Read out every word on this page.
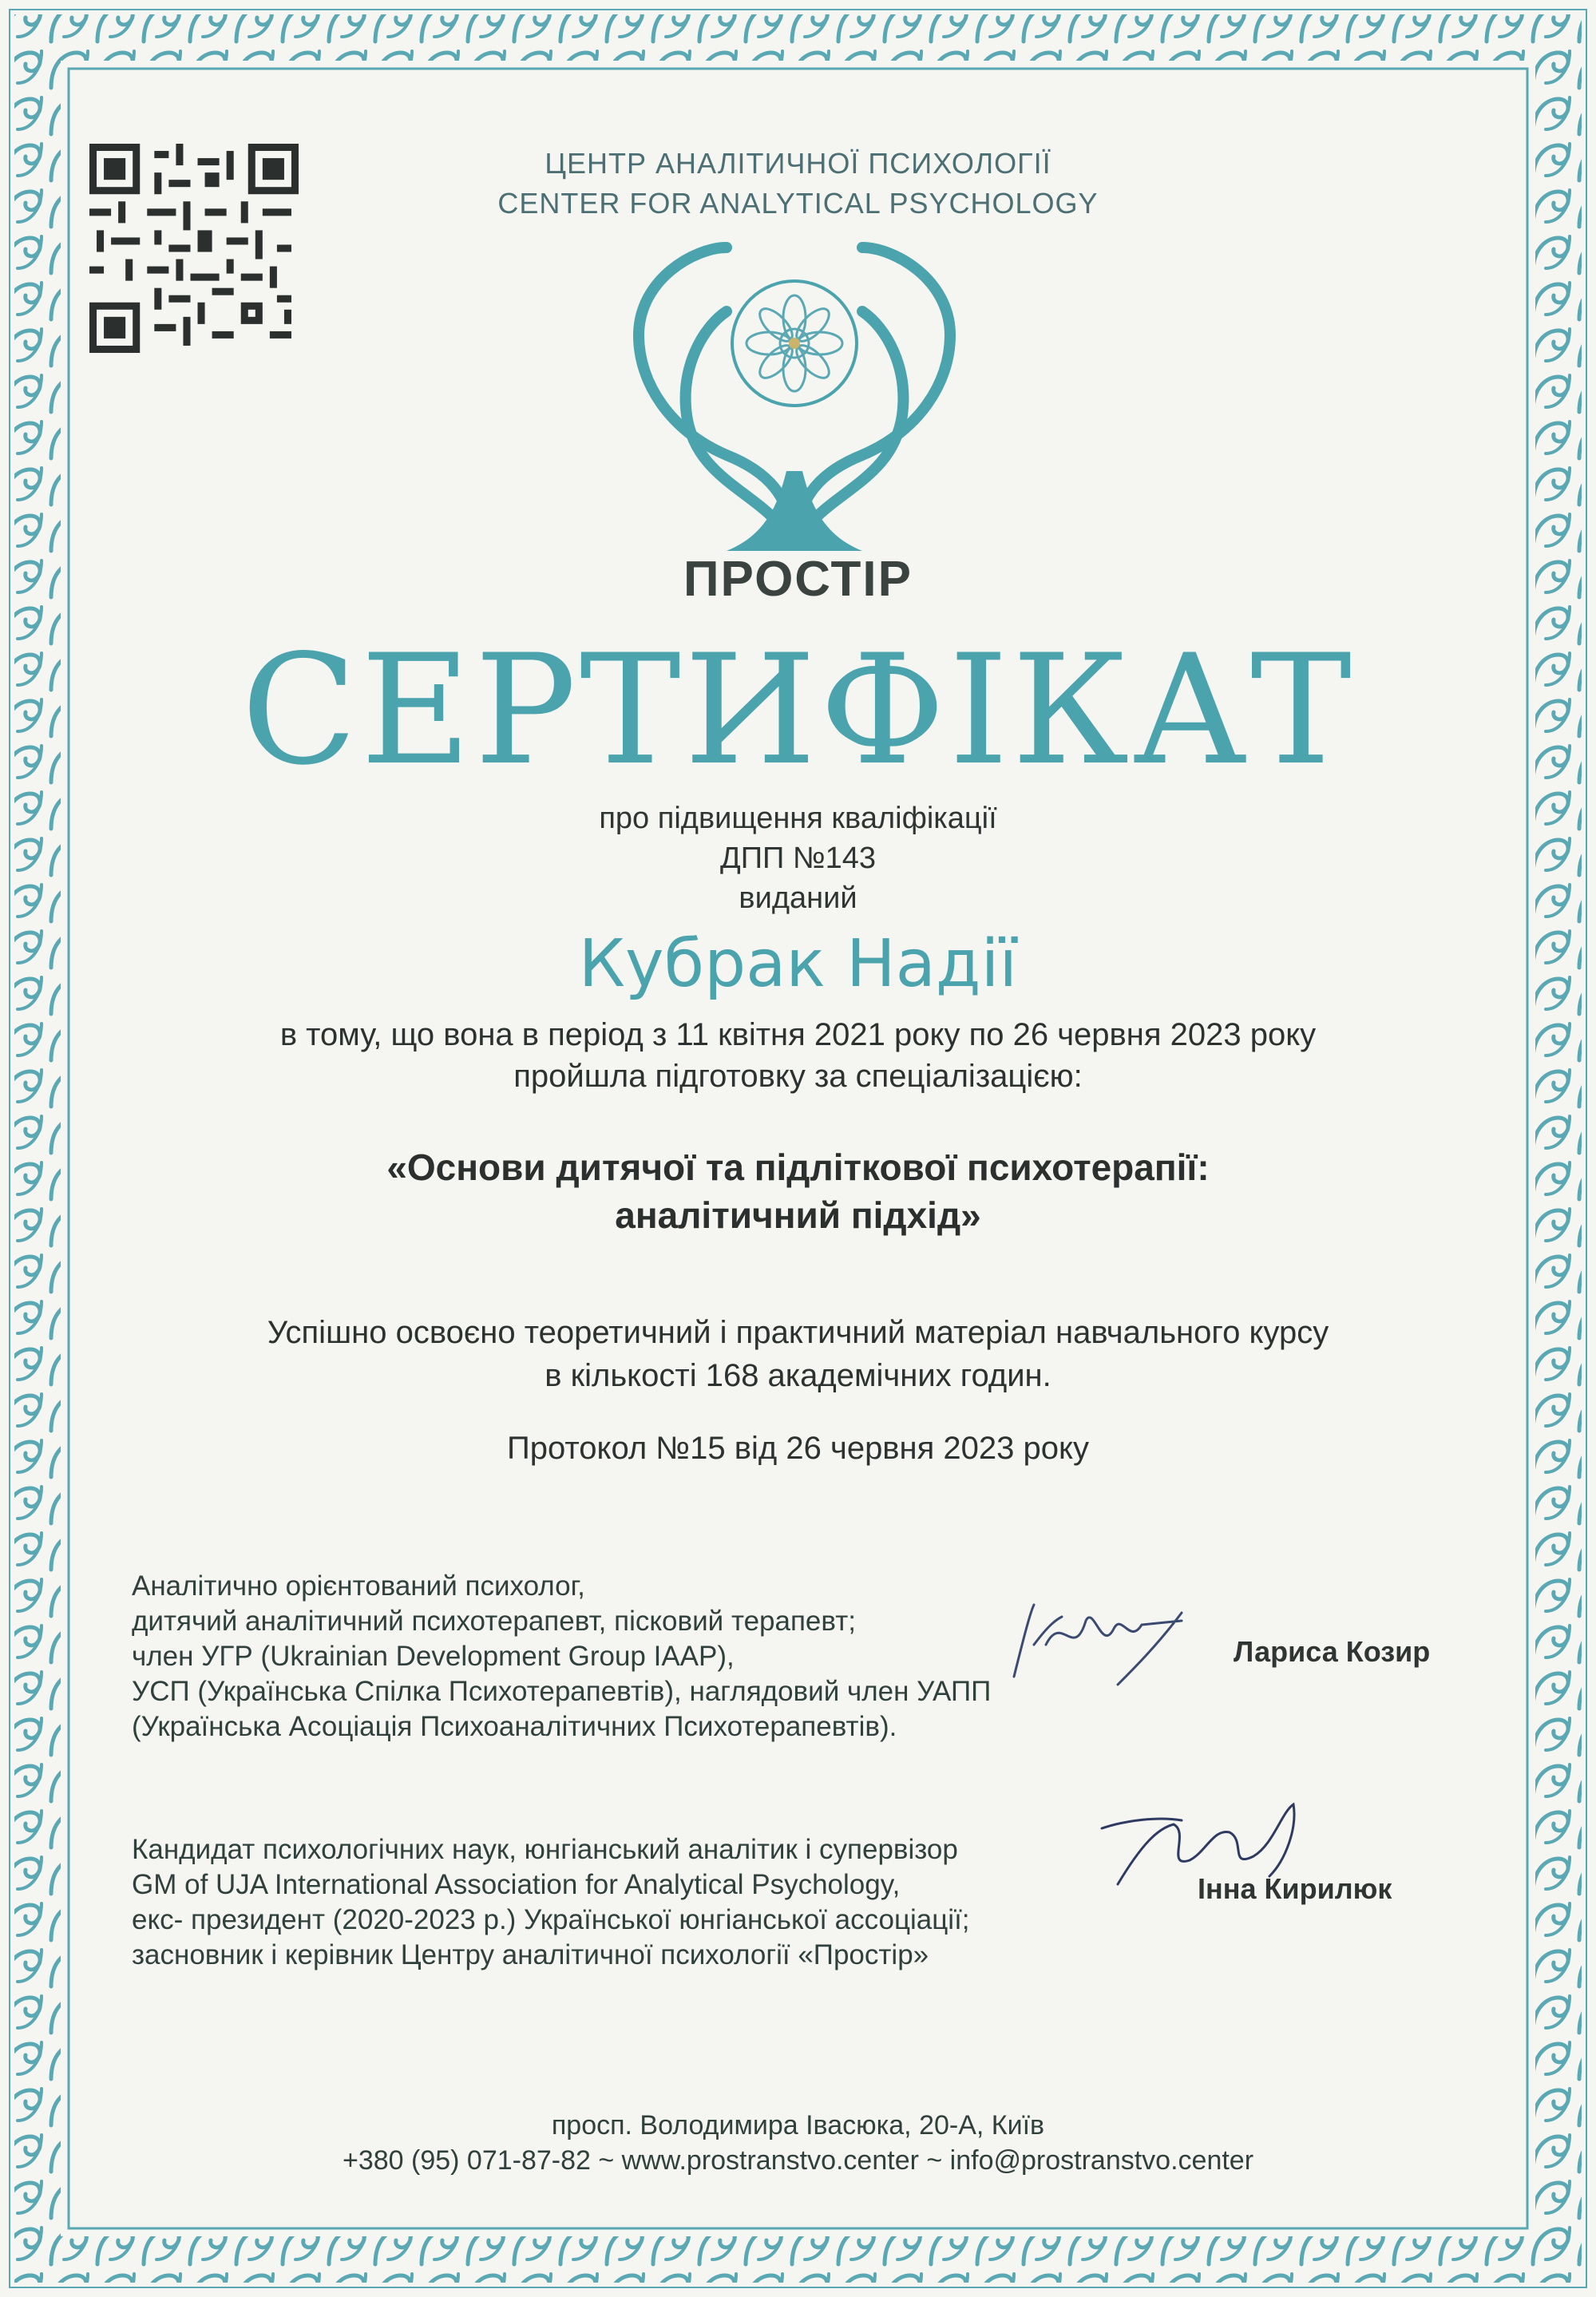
ЦЕНТР АНАЛІТИЧНОЇ ПСИХОЛОГІЇ
CENTER FOR ANALYTICAL PSYCHOLOGY
ПРОСТІР
СЕРТИФІКАТ
про підвищення кваліфікації
ДПП №143
виданий
Кубрак Надії
в тому, що вона в період з 11 квітня 2021 року по 26 червня 2023 року
пройшла підготовку за спеціалізацією:
«Основи дитячої та підліткової психотерапії:
аналітичний підхід»
Успішно освоєно теоретичний і практичний матеріал навчального курсу
в кількості 168 академічних годин.
Протокол №15 від 26 червня 2023 року
Аналітично орієнтований психолог,
дитячий аналітичний психотерапевт, пісковий терапевт;
член УГР (Ukrainian Development Group IAAP),
УСП (Українська Спілка Психотерапевтів), наглядовий член УАПП
(Українська Асоціація Психоаналітичних Психотерапевтів).
Лариса Козир
Кандидат психологічних наук, юнгіанський аналітик і супервізор
GM of UJA International Association for Analytical Psychology,
екс- президент (2020-2023 р.) Української юнгіанської ассоціації;
засновник і керівник Центру аналітичної психології «Простір»
Інна Кирилюк
просп. Володимира Івасюка, 20-А, Київ
+380 (95) 071-87-82 ~ www.prostranstvo.center ~ info@prostranstvo.center
